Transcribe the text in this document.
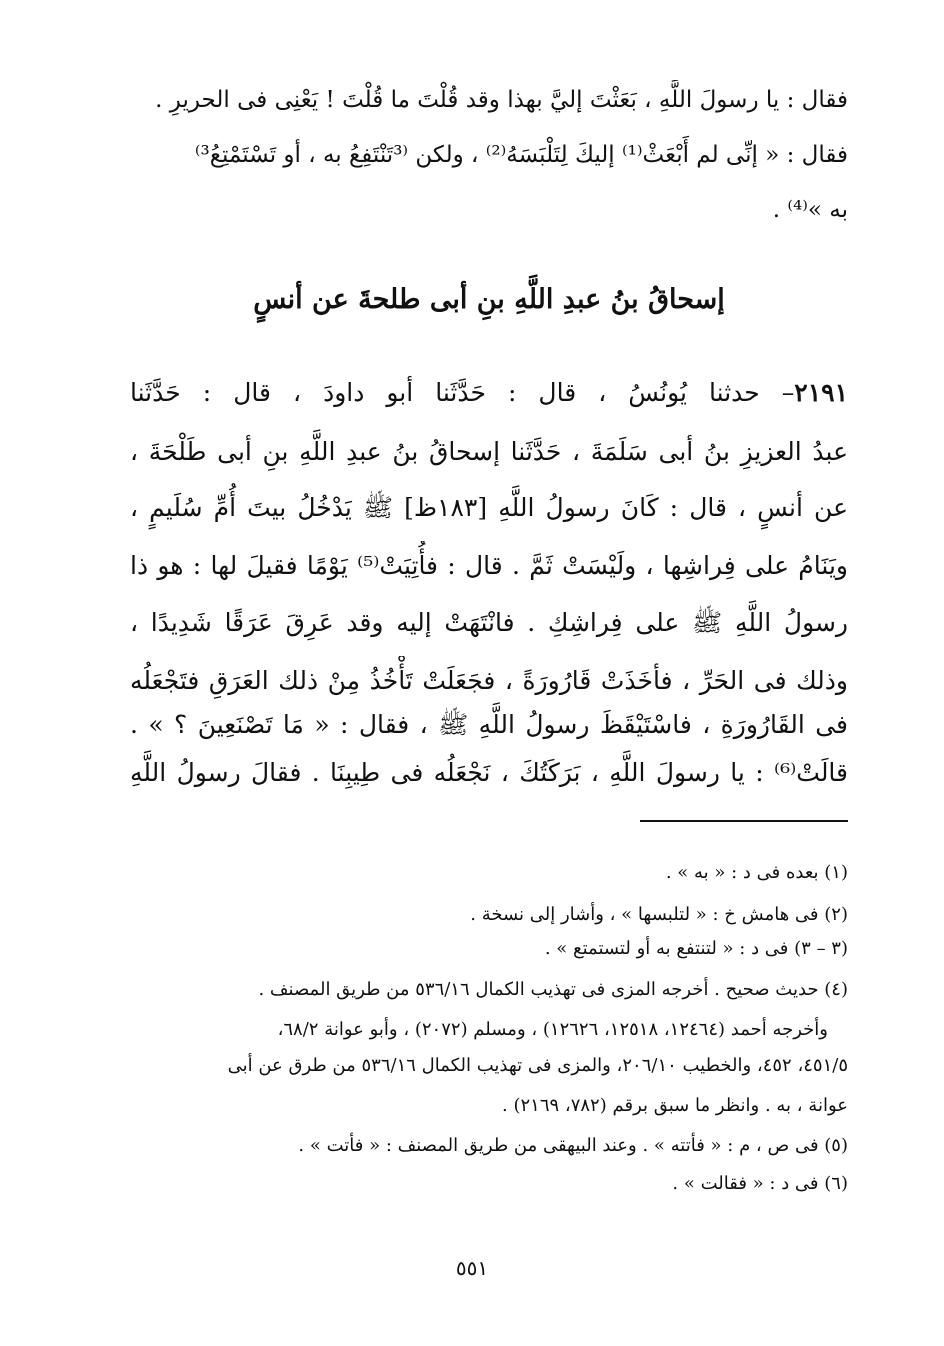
فقال : يا رسولَ اللَّهِ ، بَعَثْتَ إليَّ بهذا وقد قُلْتَ ما قُلْتَ ! يَعْنِى فى الحريرِ .
فقال : « إنِّى لم أَبْعَثْ⁽¹⁾ إليكَ لِتَلْبَسَهُ⁽²⁾ ، ولكن ⁽³تَنْتَفِعُ به ، أو تَسْتَمْتِعُ³⁾
به »⁽⁴⁾ .
إسحاقُ بنُ عبدِ اللَّهِ بنِ أبى طلحةَ عن أنسٍ
٢١٩١– حدثنا يُونُسُ ، قال : حَدَّثَنا أبو داودَ ، قال : حَدَّثَنا
عبدُ العزيزِ بنُ أبى سَلَمَةَ ، حَدَّثَنا إسحاقُ بنُ عبدِ اللَّهِ بنِ أبى طَلْحَةَ ،
عن أنسٍ ، قال : كَانَ رسولُ اللَّهِ [١٨٣ظ] ﷺ يَدْخُلُ بيتَ أُمِّ سُلَيمٍ ،
ويَنَامُ على فِراشِها ، ولَيْسَتْ ثَمَّ . قال : فأُتِيَتْ⁽⁵⁾ يَوْمًا فقيلَ لها : هو ذا
رسولُ اللَّهِ ﷺ على فِراشِكِ . فانْتَهَتْ إليه وقد عَرِقَ عَرَقًا شَدِيدًا ،
وذلك فى الحَرِّ ، فأخَذَتْ قَارُورَةً ، فجَعَلَتْ تَأْخُذُ مِنْ ذلك العَرَقِ فتَجْعَلُه
فى القَارُورَةِ ، فاسْتَيْقَظَ رسولُ اللَّهِ ﷺ ، فقال : « مَا تَصْنَعِينَ ؟ » .
قالَتْ⁽⁶⁾ : يا رسولَ اللَّهِ ، بَرَكَتُكَ ، نَجْعَلُه فى طِيبِنَا . فقالَ رسولُ اللَّهِ
(١) بعده فى د : « به » .
(٢) فى هامش خ : « لتلبسها » ، وأشار إلى نسخة .
(٣ – ٣) فى د : « لتنتفع به أو لتستمتع » .
(٤) حديث صحيح . أخرجه المزى فى تهذيب الكمال ٥٣٦/١٦ من طريق المصنف .
وأخرجه أحمد (١٢٤٦٤، ١٢٥١٨، ١٢٦٢٦) ، ومسلم (٢٠٧٢) ، وأبو عوانة ٦٨/٢،
٤٥١/٥، ٤٥٢، والخطيب ٢٠٦/١٠، والمزى فى تهذيب الكمال ٥٣٦/١٦ من طرق عن أبى
عوانة ، به . وانظر ما سبق برقم (٧٨٢، ٢١٦٩) .
(٥) فى ص ، م : « فأتته » . وعند البيهقى من طريق المصنف : « فأتت » .
(٦) فى د : « فقالت » .
٥٥١
